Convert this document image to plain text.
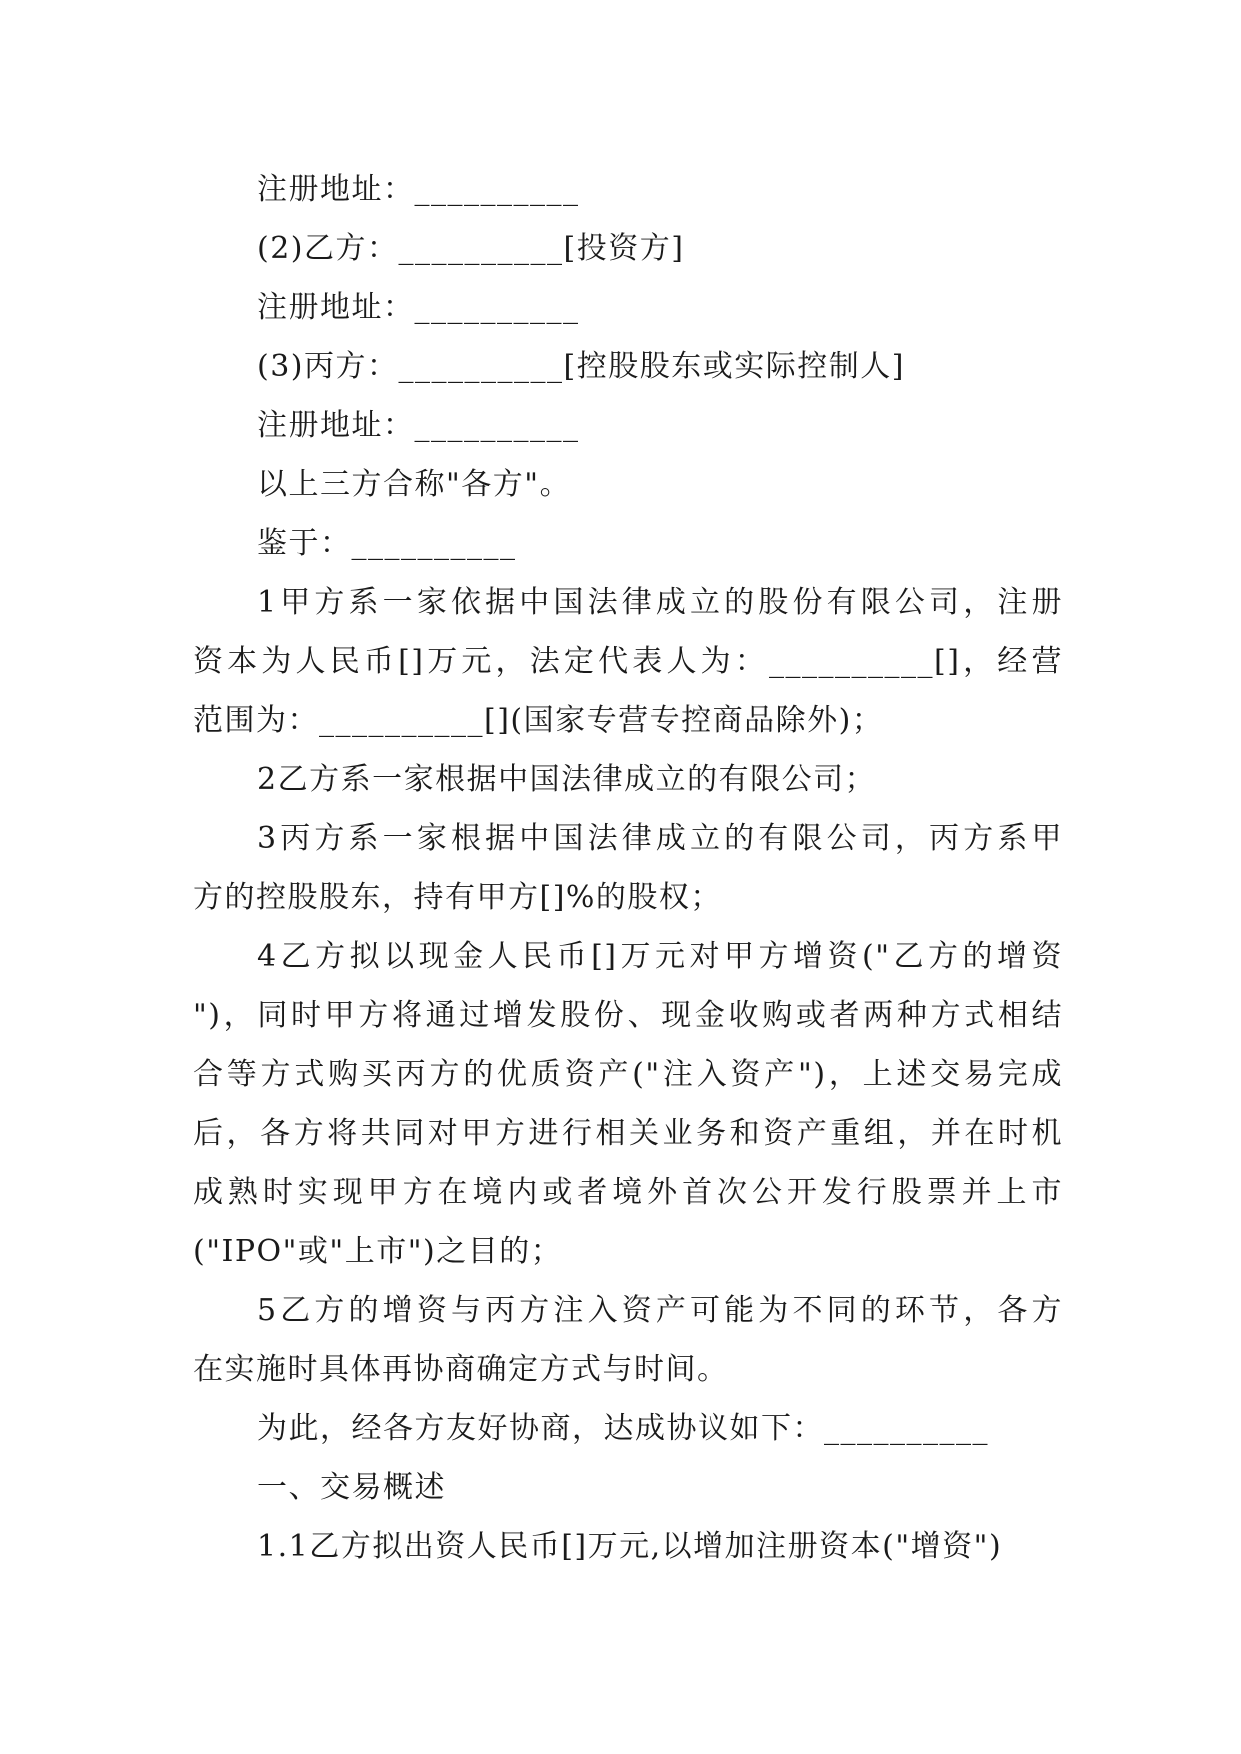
注册地址：__________
(2)乙方：__________[投资方]
注册地址：__________
(3)丙方：__________[控股股东或实际控制人]
注册地址：__________
以上三方合称"各方"。
鉴于：__________
1甲方系一家依据中国法律成立的股份有限公司，注册
资本为人民币[]万元，法定代表人为：__________[]，经营
范围为：__________[](国家专营专控商品除外)；
2乙方系一家根据中国法律成立的有限公司；
3丙方系一家根据中国法律成立的有限公司，丙方系甲
方的控股股东，持有甲方[]%的股权；
4乙方拟以现金人民币[]万元对甲方增资("乙方的增资
")，同时甲方将通过增发股份、现金收购或者两种方式相结
合等方式购买丙方的优质资产("注入资产")，上述交易完成
后，各方将共同对甲方进行相关业务和资产重组，并在时机
成熟时实现甲方在境内或者境外首次公开发行股票并上市
("IPO"或"上市")之目的；
5乙方的增资与丙方注入资产可能为不同的环节，各方
在实施时具体再协商确定方式与时间。
为此，经各方友好协商，达成协议如下：__________
一、交易概述
1.1乙方拟出资人民币[]万元,以增加注册资本("增资")
